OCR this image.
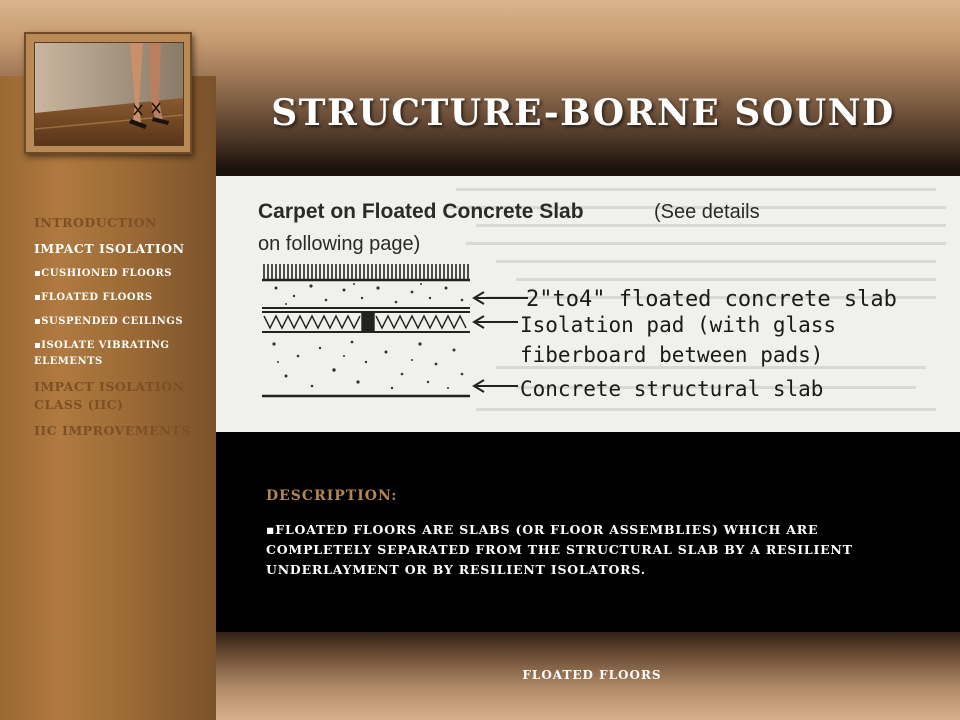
INTRODUCTION
IMPACT ISOLATION
▪CUSHIONED FLOORS
▪FLOATED FLOORS
▪SUSPENDED CEILINGS
▪ISOLATE VIBRATING ELEMENTS
IMPACT ISOLATION CLASS (IIC)
IIC IMPROVEMENTS
STRUCTURE-BORNE SOUND
Carpet on Floated Concrete Slab	(See details
on following page)
2"to4" floated concrete slab
Isolation pad (with glass
fiberboard between pads)
Concrete structural slab
DESCRIPTION:
▪FLOATED FLOORS ARE SLABS (OR FLOOR ASSEMBLIES) WHICH ARE COMPLETELY SEPARATED FROM THE STRUCTURAL SLAB BY A RESILIENT UNDERLAYMENT OR BY RESILIENT ISOLATORS.
FLOATED FLOORS
